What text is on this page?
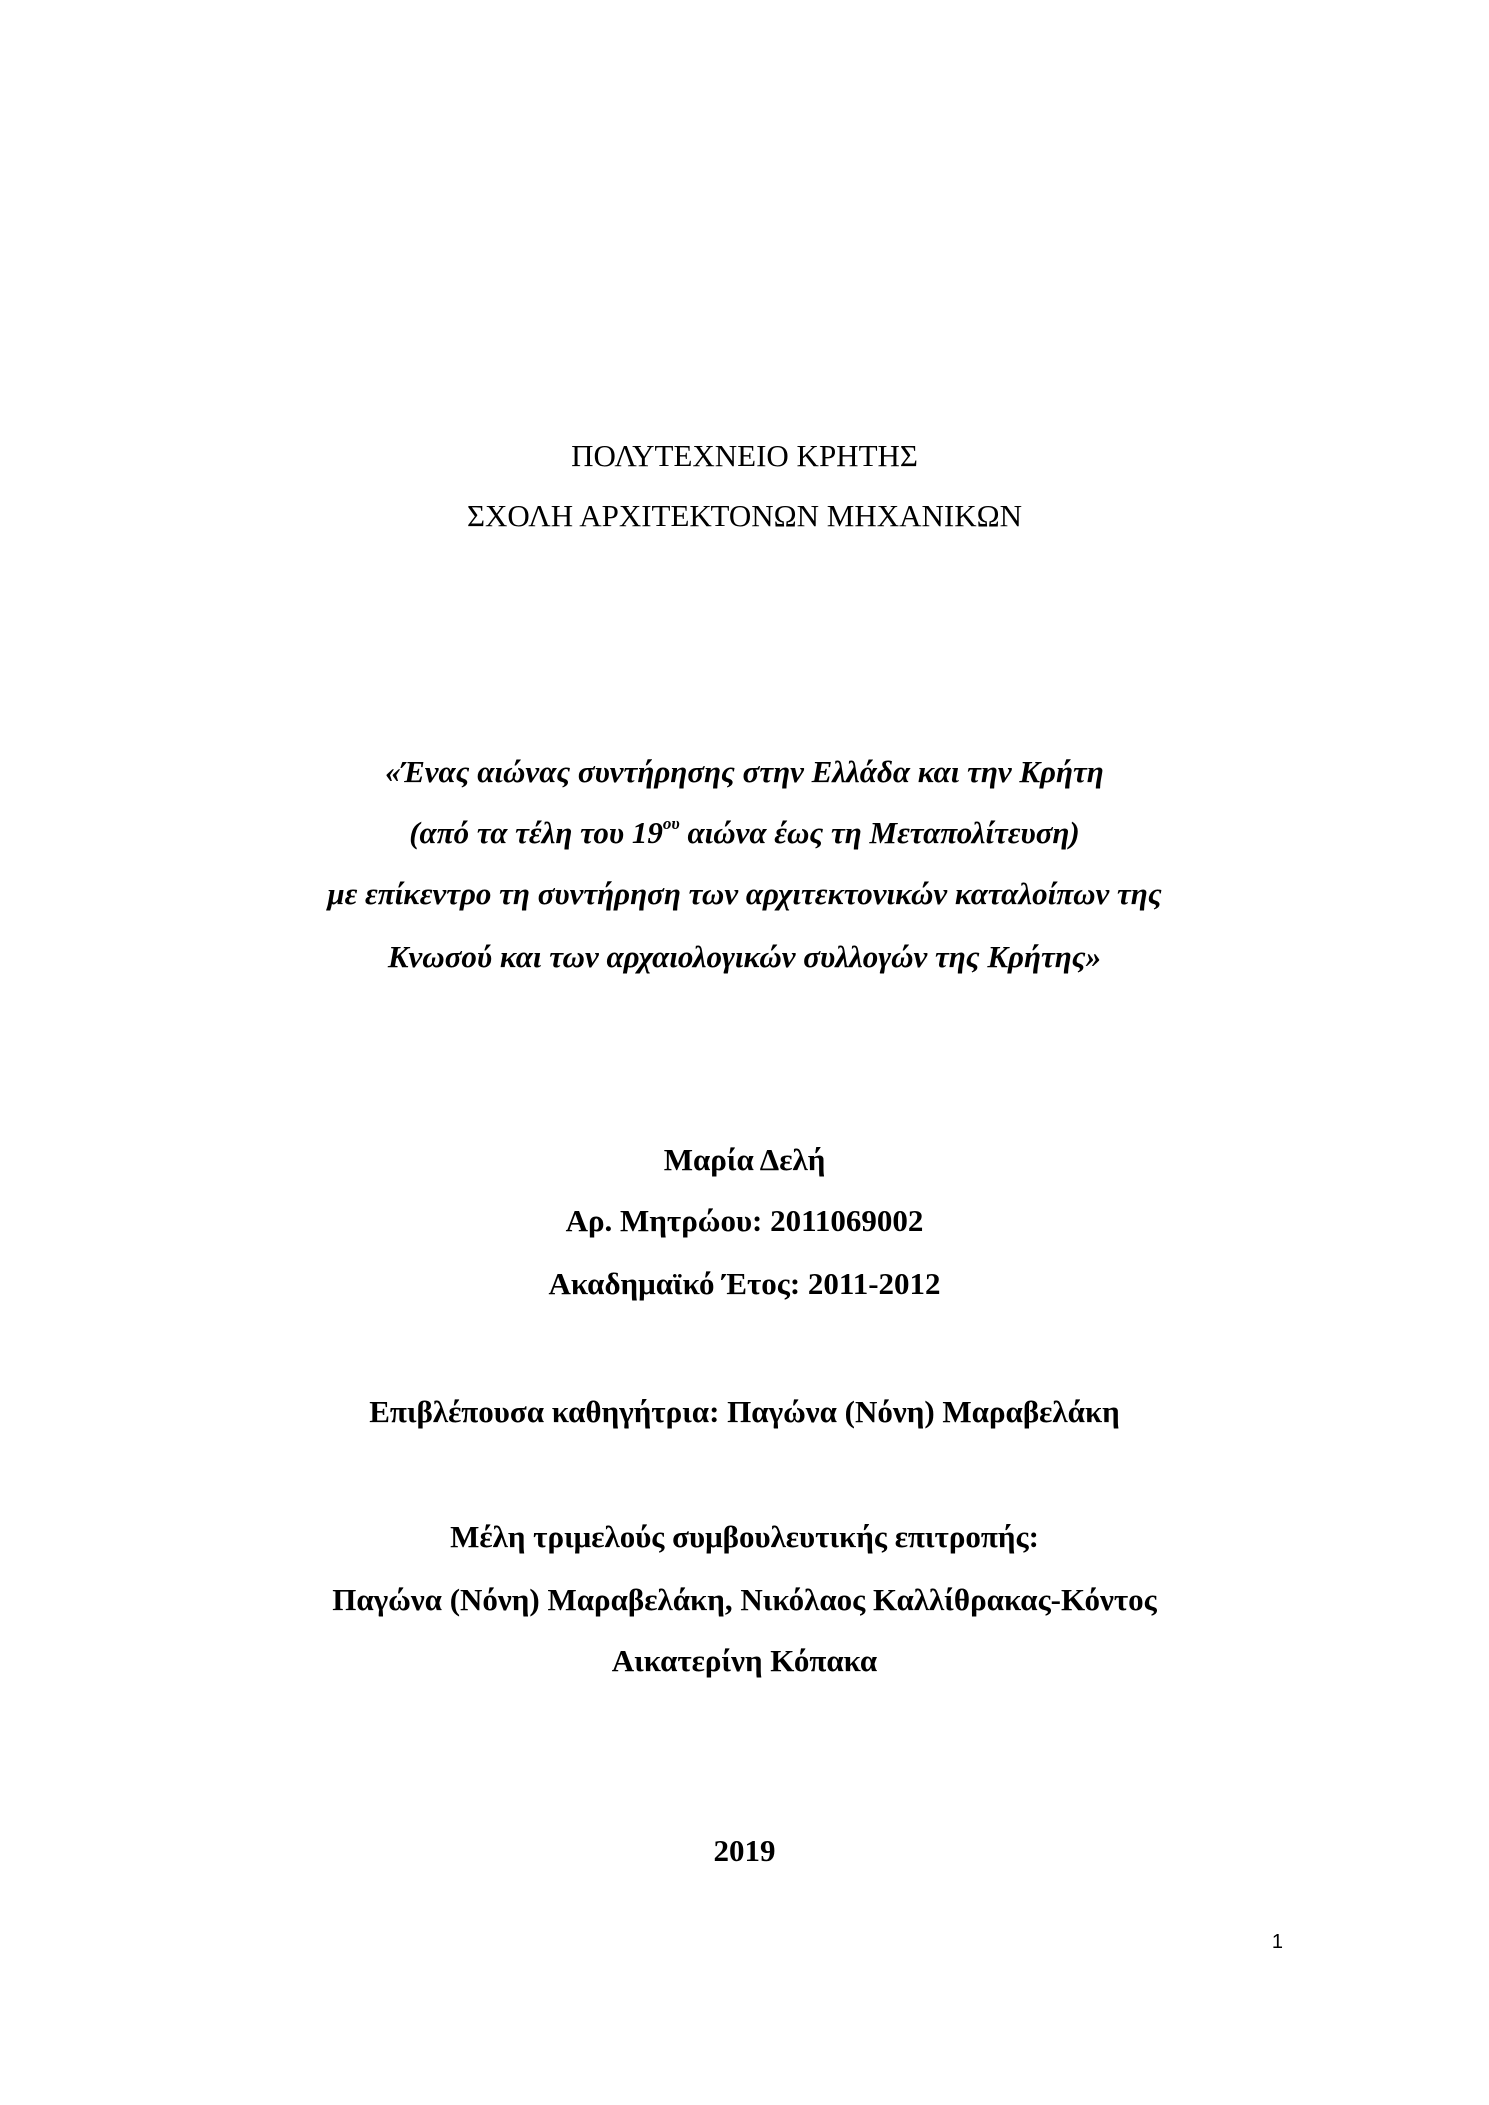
ΠΟΛΥΤΕΧΝΕΙΟ ΚΡΗΤΗΣ
ΣΧΟΛΗ ΑΡΧΙΤΕΚΤΟΝΩΝ ΜΗΧΑΝΙΚΩΝ
«Ένας αιώνας συντήρησης στην Ελλάδα και την Κρήτη
(από τα τέλη του $19^{o\upsilon}$ αιώνα έως τη Μεταπολίτευση)
με επίκεντρο τη συντήρηση των αρχιτεκτονικών καταλοίπων της
Κνωσού και των αρχαιολογικών συλλογών της Κρήτης»
Μαρία Δελή
Αρ. Μητρώου: 2011069002
Ακαδημαϊκό Έτος: 2011-2012
Επιβλέπουσα καθηγήτρια: Παγώνα (Νόνη) Μαραβελάκη
Μέλη τριμελούς συμβουλευτικής επιτροπής:
Παγώνα (Νόνη) Μαραβελάκη, Νικόλαος Καλλίθρακας-Κόντος
Αικατερίνη Κόπακα
2019
1
